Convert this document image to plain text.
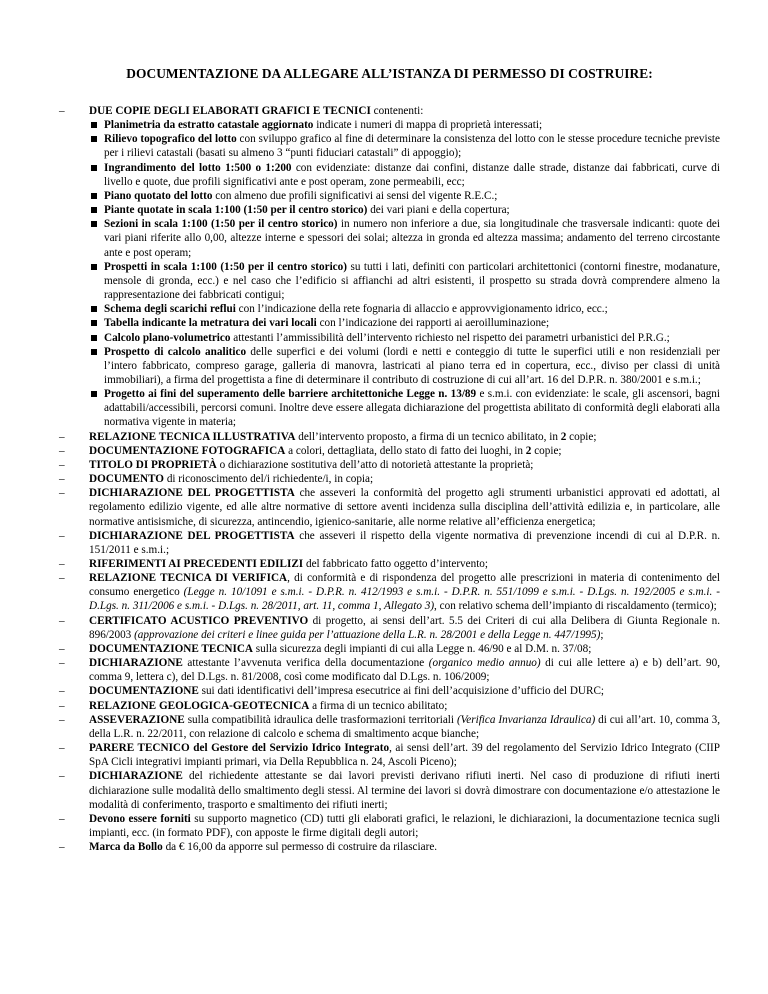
DOCUMENTAZIONE DA ALLEGARE ALL’ISTANZA DI PERMESSO DI COSTRUIRE:
– DUE COPIE DEGLI ELABORATI GRAFICI E TECNICI contenenti:
Planimetria da estratto catastale aggiornato indicate i numeri di mappa di proprietà interessati;
Rilievo topografico del lotto con sviluppo grafico al fine di determinare la consistenza del lotto con le stesse procedure tecniche previste per i rilievi catastali (basati su almeno 3 “punti fiduciari catastali” di appoggio);
Ingrandimento del lotto 1:500 o 1:200 con evidenziate: distanze dai confini, distanze dalle strade, distanze dai fabbricati, curve di livello e quote, due profili significativi ante e post operam, zone permeabili, ecc;
Piano quotato del lotto con almeno due profili significativi ai sensi del vigente R.E.C.;
Piante quotate in scala 1:100 (1:50 per il centro storico) dei vari piani e della copertura;
Sezioni in scala 1:100 (1:50 per il centro storico) in numero non inferiore a due, sia longitudinale che trasversale indicanti: quote dei vari piani riferite allo 0,00, altezze interne e spessori dei solai; altezza in gronda ed altezza massima; andamento del terreno circostante ante e post operam;
Prospetti in scala 1:100 (1:50 per il centro storico) su tutti i lati, definiti con particolari architettonici (contorni finestre, modanature, mensole di gronda, ecc.) e nel caso che l’edificio si affianchi ad altri esistenti, il prospetto su strada dovrà comprendere almeno la rappresentazione dei fabbricati contigui;
Schema degli scarichi reflui con l’indicazione della rete fognaria di allaccio e approvvigionamento idrico, ecc.;
Tabella indicante la metratura dei vari locali con l’indicazione dei rapporti ai aeroilluminazione;
Calcolo plano-volumetrico attestanti l’ammissibilità dell’intervento richiesto nel rispetto dei parametri urbanistici del P.R.G.;
Prospetto di calcolo analitico delle superfici e dei volumi (lordi e netti e conteggio di tutte le superfici utili e non residenziali per l’intero fabbricato, compreso garage, galleria di manovra, lastricati al piano terra ed in copertura, ecc., diviso per classi di unità immobiliari), a firma del progettista a fine di determinare il contributo di costruzione di cui all’art. 16 del D.P.R. n. 380/2001 e s.m.i.;
Progetto ai fini del superamento delle barriere architettoniche Legge n. 13/89 e s.m.i. con evidenziate: le scale, gli ascensori, bagni adattabili/accessibili, percorsi comuni. Inoltre deve essere allegata dichiarazione del progettista abilitato di conformità degli elaborati alla normativa vigente in materia;
– RELAZIONE TECNICA ILLUSTRATIVA dell’intervento proposto, a firma di un tecnico abilitato, in 2 copie;
– DOCUMENTAZIONE FOTOGRAFICA a colori, dettagliata, dello stato di fatto dei luoghi, in 2 copie;
– TITOLO DI PROPRIETÀ o dichiarazione sostitutiva dell’atto di notorietà attestante la proprietà;
– DOCUMENTO di riconoscimento del/i richiedente/i, in copia;
– DICHIARAZIONE DEL PROGETTISTA che asseveri la conformità del progetto agli strumenti urbanistici approvati ed adottati, al regolamento edilizio vigente, ed alle altre normative di settore aventi incidenza sulla disciplina dell’attività edilizia e, in particolare, alle normative antisismiche, di sicurezza, antincendio, igienico-sanitarie, alle norme relative all’efficienza energetica;
– DICHIARAZIONE DEL PROGETTISTA che asseveri il rispetto della vigente normativa di prevenzione incendi di cui al D.P.R. n. 151/2011 e s.m.i.;
– RIFERIMENTI AI PRECEDENTI EDILIZI del fabbricato fatto oggetto d’intervento;
– RELAZIONE TECNICA DI VERIFICA, di conformità e di rispondenza del progetto alle prescrizioni in materia di contenimento del consumo energetico (Legge n. 10/1091 e s.m.i. - D.P.R. n. 412/1993 e s.m.i. - D.P.R. n. 551/1099 e s.m.i. - D.Lgs. n. 192/2005 e s.m.i. - D.Lgs. n. 311/2006 e s.m.i. - D.Lgs. n. 28/2011, art. 11, comma 1, Allegato 3), con relativo schema dell’impianto di riscaldamento (termico);
– CERTIFICATO ACUSTICO PREVENTIVO di progetto, ai sensi dell’art. 5.5 dei Criteri di cui alla Delibera di Giunta Regionale n. 896/2003 (approvazione dei criteri e linee guida per l’attuazione della L.R. n. 28/2001 e della Legge n. 447/1995);
– DOCUMENTAZIONE TECNICA sulla sicurezza degli impianti di cui alla Legge n. 46/90 e al D.M. n. 37/08;
– DICHIARAZIONE attestante l’avvenuta verifica della documentazione (organico medio annuo) di cui alle lettere a) e b) dell’art. 90, comma 9, lettera c), del D.Lgs. n. 81/2008, così come modificato dal D.Lgs. n. 106/2009;
– DOCUMENTAZIONE sui dati identificativi dell’impresa esecutrice ai fini dell’acquisizione d’ufficio del DURC;
– RELAZIONE GEOLOGICA-GEOTECNICA a firma di un tecnico abilitato;
– ASSEVERAZIONE sulla compatibilità idraulica delle trasformazioni territoriali (Verifica Invarianza Idraulica) di cui all’art. 10, comma 3, della L.R. n. 22/2011, con relazione di calcolo e schema di smaltimento acque bianche;
– PARERE TECNICO del Gestore del Servizio Idrico Integrato, ai sensi dell’art. 39 del regolamento del Servizio Idrico Integrato (CIIP SpA Cicli integrativi impianti primari, via Della Repubblica n. 24, Ascoli Piceno);
– DICHIARAZIONE del richiedente attestante se dai lavori previsti derivano rifiuti inerti. Nel caso di produzione di rifiuti inerti dichiarazione sulle modalità dello smaltimento degli stessi. Al termine dei lavori si dovrà dimostrare con documentazione e/o attestazione le modalità di conferimento, trasporto e smaltimento dei rifiuti inerti;
– Devono essere forniti su supporto magnetico (CD) tutti gli elaborati grafici, le relazioni, le dichiarazioni, la documentazione tecnica sugli impianti, ecc. (in formato PDF), con apposte le firme digitali degli autori;
– Marca da Bollo da € 16,00 da apporre sul permesso di costruire da rilasciare.
